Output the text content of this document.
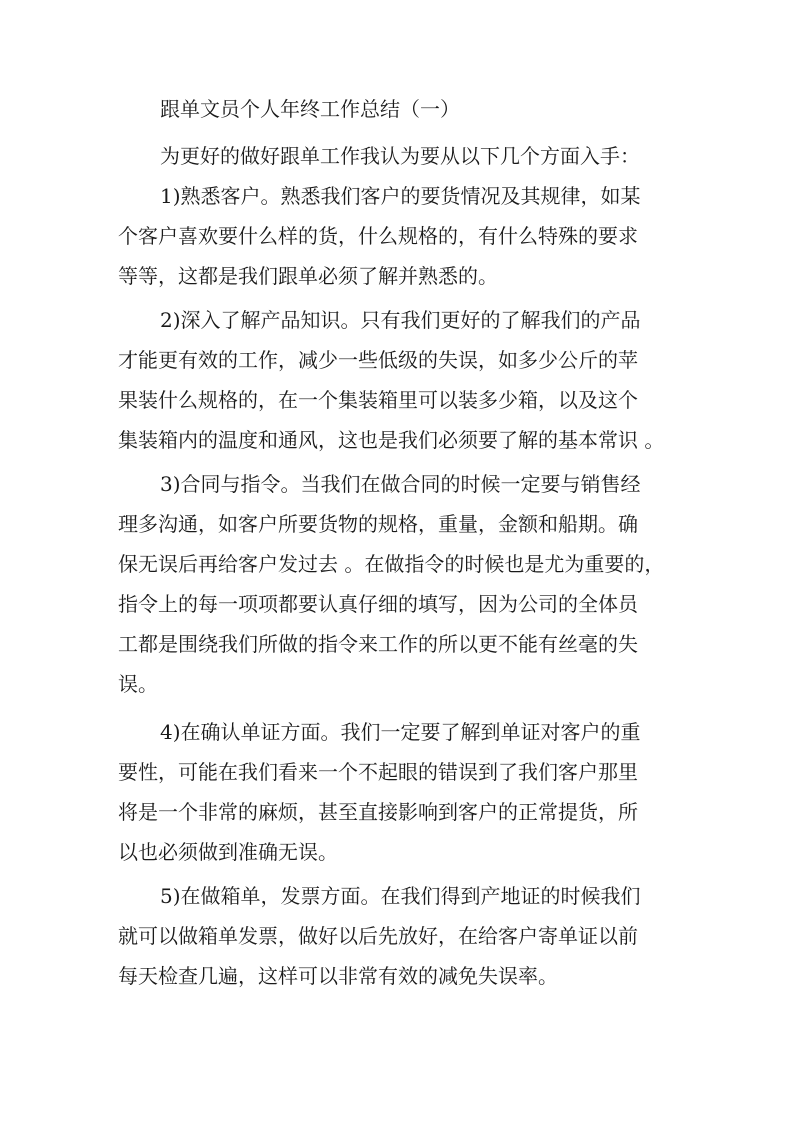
跟单文员个人年终工作总结（一）
为更好的做好跟单工作我认为要从以下几个方面入手：
1)熟悉客户。熟悉我们客户的要货情况及其规律，如某
个客户喜欢要什么样的货，什么规格的，有什么特殊的要求
等等，这都是我们跟单必须了解并熟悉的。
2)深入了解产品知识。只有我们更好的了解我们的产品
才能更有效的工作，减少一些低级的失误，如多少公斤的苹
果装什么规格的，在一个集装箱里可以装多少箱，以及这个
集装箱内的温度和通风，这也是我们必须要了解的基本常识 。
3)合同与指令。当我们在做合同的时候一定要与销售经
理多沟通，如客户所要货物的规格，重量，金额和船期。确
保无误后再给客户发过去 。在做指令的时候也是尤为重要的，
指令上的每一项项都要认真仔细的填写，因为公司的全体员
工都是围绕我们所做的指令来工作的所以更不能有丝毫的失
误。
4)在确认单证方面。我们一定要了解到单证对客户的重
要性，可能在我们看来一个不起眼的错误到了我们客户那里
将是一个非常的麻烦，甚至直接影响到客户的正常提货，所
以也必须做到准确无误。
5)在做箱单，发票方面。在我们得到产地证的时候我们
就可以做箱单发票，做好以后先放好，在给客户寄单证以前
每天检查几遍，这样可以非常有效的减免失误率。
